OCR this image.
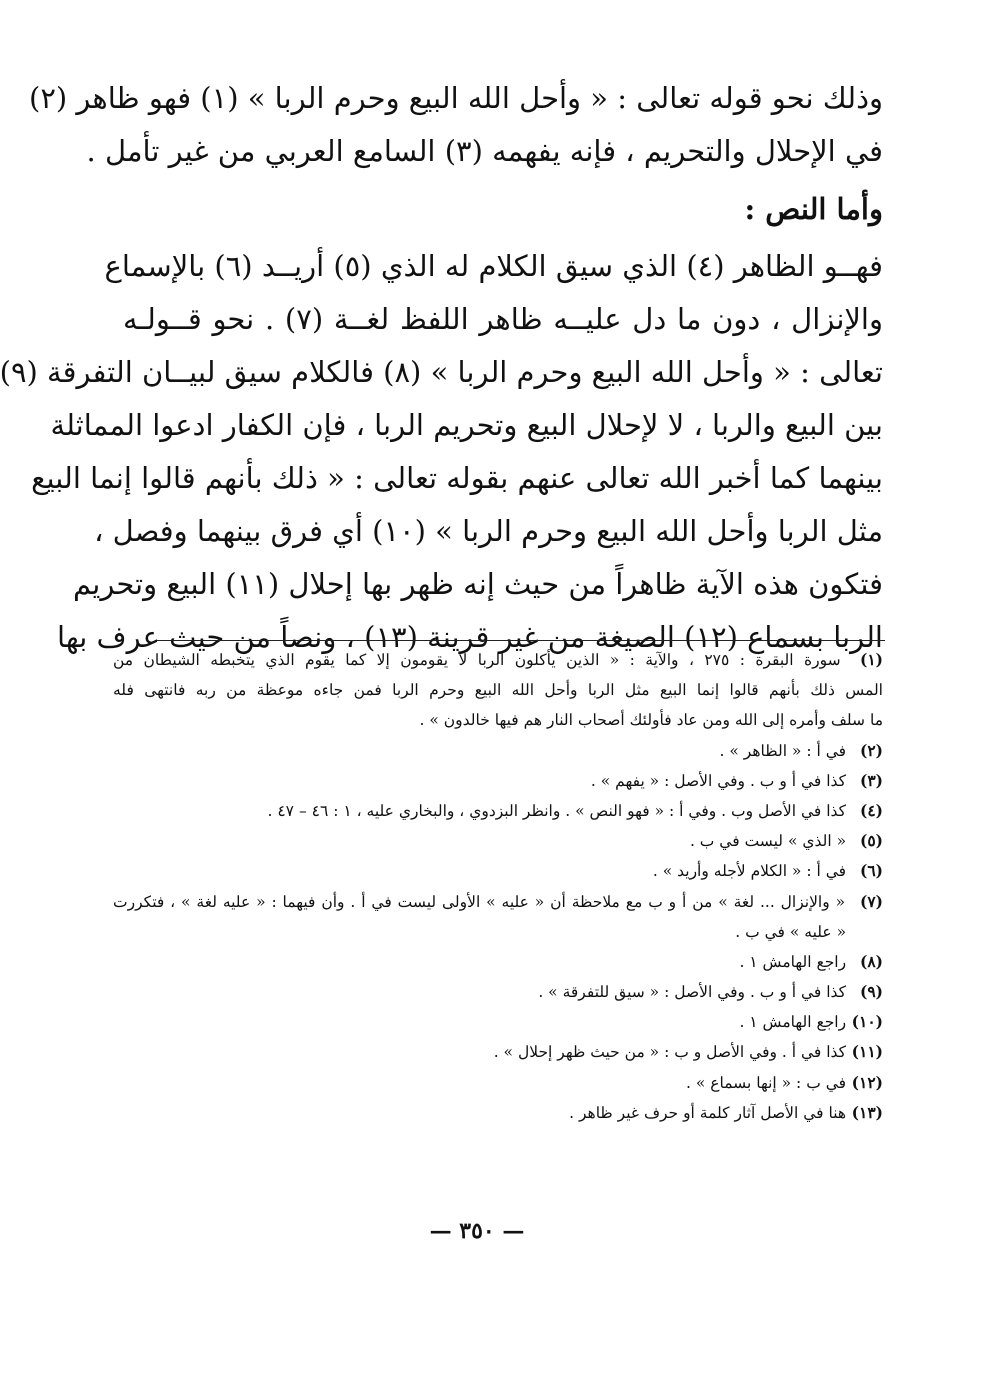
وذلك نحو قوله تعالى : « وأحل الله البيع وحرم الربا » (١) فهو ظاهر (٢)
في الإحلال والتحريم ، فإنه يفهمه (٣) السامع العربي من غير تأمل .
وأما النص :
فهــو الظاهر (٤) الذي سيق الكلام له الذي (٥) أريــد (٦) بالإسماع
والإنزال ، دون ما دل عليــه ظاهر اللفظ لغــة (٧) . نحو قــولـه
تعالى : « وأحل الله البيع وحرم الربا » (٨) فالكلام سيق لبيــان التفرقة (٩)
بين البيع والربا ، لا لإحلال البيع وتحريم الربا ، فإن الكفار ادعوا المماثلة
بينهما كما أخبر الله تعالى عنهم بقوله تعالى : « ذلك بأنهم قالوا إنما البيع
مثل الربا وأحل الله البيع وحرم الربا » (١٠) أي فرق بينهما وفصل ،
فتكون هذه الآية ظاهراً من حيث إنه ظهر بها إحلال (١١) البيع وتحريم
الربا بسماع (١٢) الصيغة من غير قرينة (١٣) ، ونصاً من حيث عرف بها
(١) سورة البقرة : ٢٧٥ ، والآية : « الذين يأكلون الربا لا يقومون إلا كما يقوم الذي يتخبطه الشيطان من
المس ذلك بأنهم قالوا إنما البيع مثل الربا وأحل الله البيع وحرم الربا فمن جاءه موعظة من ربه فانتهى فله
ما سلف وأمره إلى الله ومن عاد فأولئك أصحاب النار هم فيها خالدون » .
(٢) في أ : « الظاهر » .
(٣) كذا في أ و ب . وفي الأصل : « يفهم » .
(٤) كذا في الأصل وب . وفي أ : « فهو النص » . وانظر البزدوي ، والبخاري عليه ، ١ : ٤٦ – ٤٧ .
(٥) « الذي » ليست في ب .
(٦) في أ : « الكلام لأجله وأريد » .
(٧) « والإنزال ... لغة » من أ و ب مع ملاحظة أن « عليه » الأولى ليست في أ . وأن فيهما : « عليه لغة » ، فتكررت
« عليه » في ب .
(٨) راجع الهامش ١ .
(٩) كذا في أ و ب . وفي الأصل : « سيق للتفرقة » .
(١٠) راجع الهامش ١ .
(١١) كذا في أ . وفي الأصل و ب : « من حيث ظهر إحلال » .
(١٢) في ب : « إنها بسماع » .
(١٣) هنا في الأصل آثار كلمة أو حرف غير ظاهر .
— ٣٥٠ —
